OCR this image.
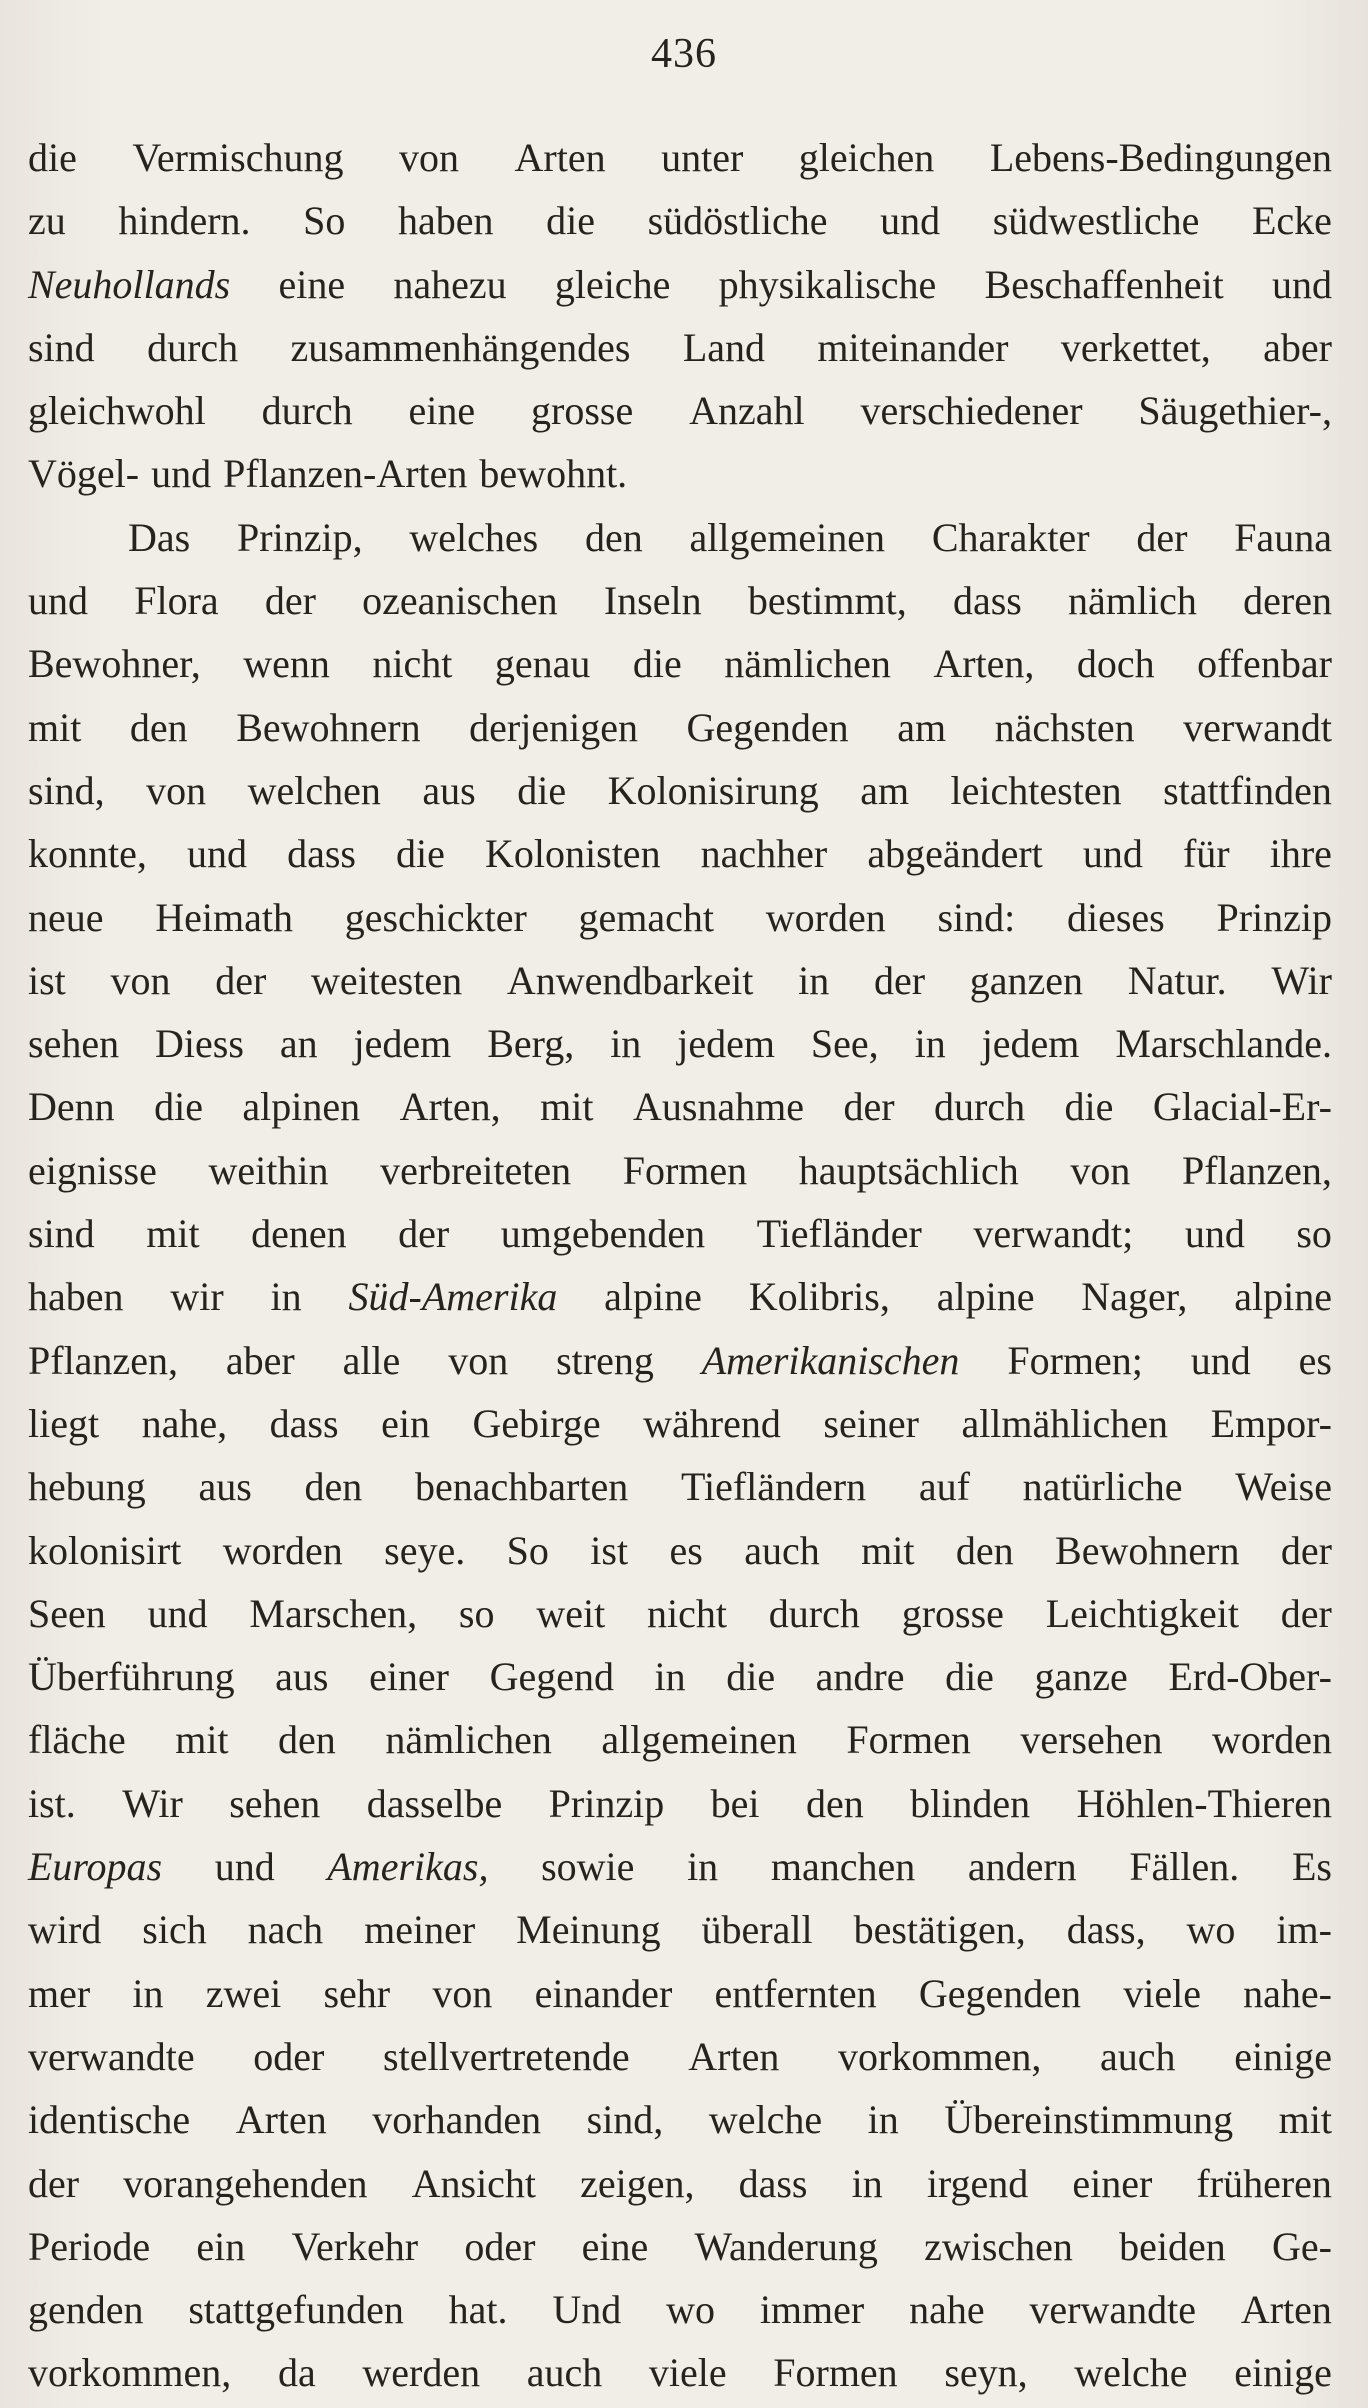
436
die Vermischung von Arten unter gleichen Lebens-Bedingungen
zu hindern. So haben die südöstliche und südwestliche Ecke
Neuhollands eine nahezu gleiche physikalische Beschaffenheit und
sind durch zusammenhängendes Land miteinander verkettet, aber
gleichwohl durch eine grosse Anzahl verschiedener Säugethier-,
Vögel- und Pflanzen-Arten bewohnt.
Das Prinzip, welches den allgemeinen Charakter der Fauna
und Flora der ozeanischen Inseln bestimmt, dass nämlich deren
Bewohner, wenn nicht genau die nämlichen Arten, doch offenbar
mit den Bewohnern derjenigen Gegenden am nächsten verwandt
sind, von welchen aus die Kolonisirung am leichtesten stattfinden
konnte, und dass die Kolonisten nachher abgeändert und für ihre
neue Heimath geschickter gemacht worden sind: dieses Prinzip
ist von der weitesten Anwendbarkeit in der ganzen Natur. Wir
sehen Diess an jedem Berg, in jedem See, in jedem Marschlande.
Denn die alpinen Arten, mit Ausnahme der durch die Glacial-Er-
eignisse weithin verbreiteten Formen hauptsächlich von Pflanzen,
sind mit denen der umgebenden Tiefländer verwandt; und so
haben wir in Süd-Amerika alpine Kolibris, alpine Nager, alpine
Pflanzen, aber alle von streng Amerikanischen Formen; und es
liegt nahe, dass ein Gebirge während seiner allmählichen Empor-
hebung aus den benachbarten Tiefländern auf natürliche Weise
kolonisirt worden seye. So ist es auch mit den Bewohnern der
Seen und Marschen, so weit nicht durch grosse Leichtigkeit der
Überführung aus einer Gegend in die andre die ganze Erd-Ober-
fläche mit den nämlichen allgemeinen Formen versehen worden
ist. Wir sehen dasselbe Prinzip bei den blinden Höhlen-Thieren
Europas und Amerikas, sowie in manchen andern Fällen. Es
wird sich nach meiner Meinung überall bestätigen, dass, wo im-
mer in zwei sehr von einander entfernten Gegenden viele nahe-
verwandte oder stellvertretende Arten vorkommen, auch einige
identische Arten vorhanden sind, welche in Übereinstimmung mit
der vorangehenden Ansicht zeigen, dass in irgend einer früheren
Periode ein Verkehr oder eine Wanderung zwischen beiden Ge-
genden stattgefunden hat. Und wo immer nahe verwandte Arten
vorkommen, da werden auch viele Formen seyn, welche einige
